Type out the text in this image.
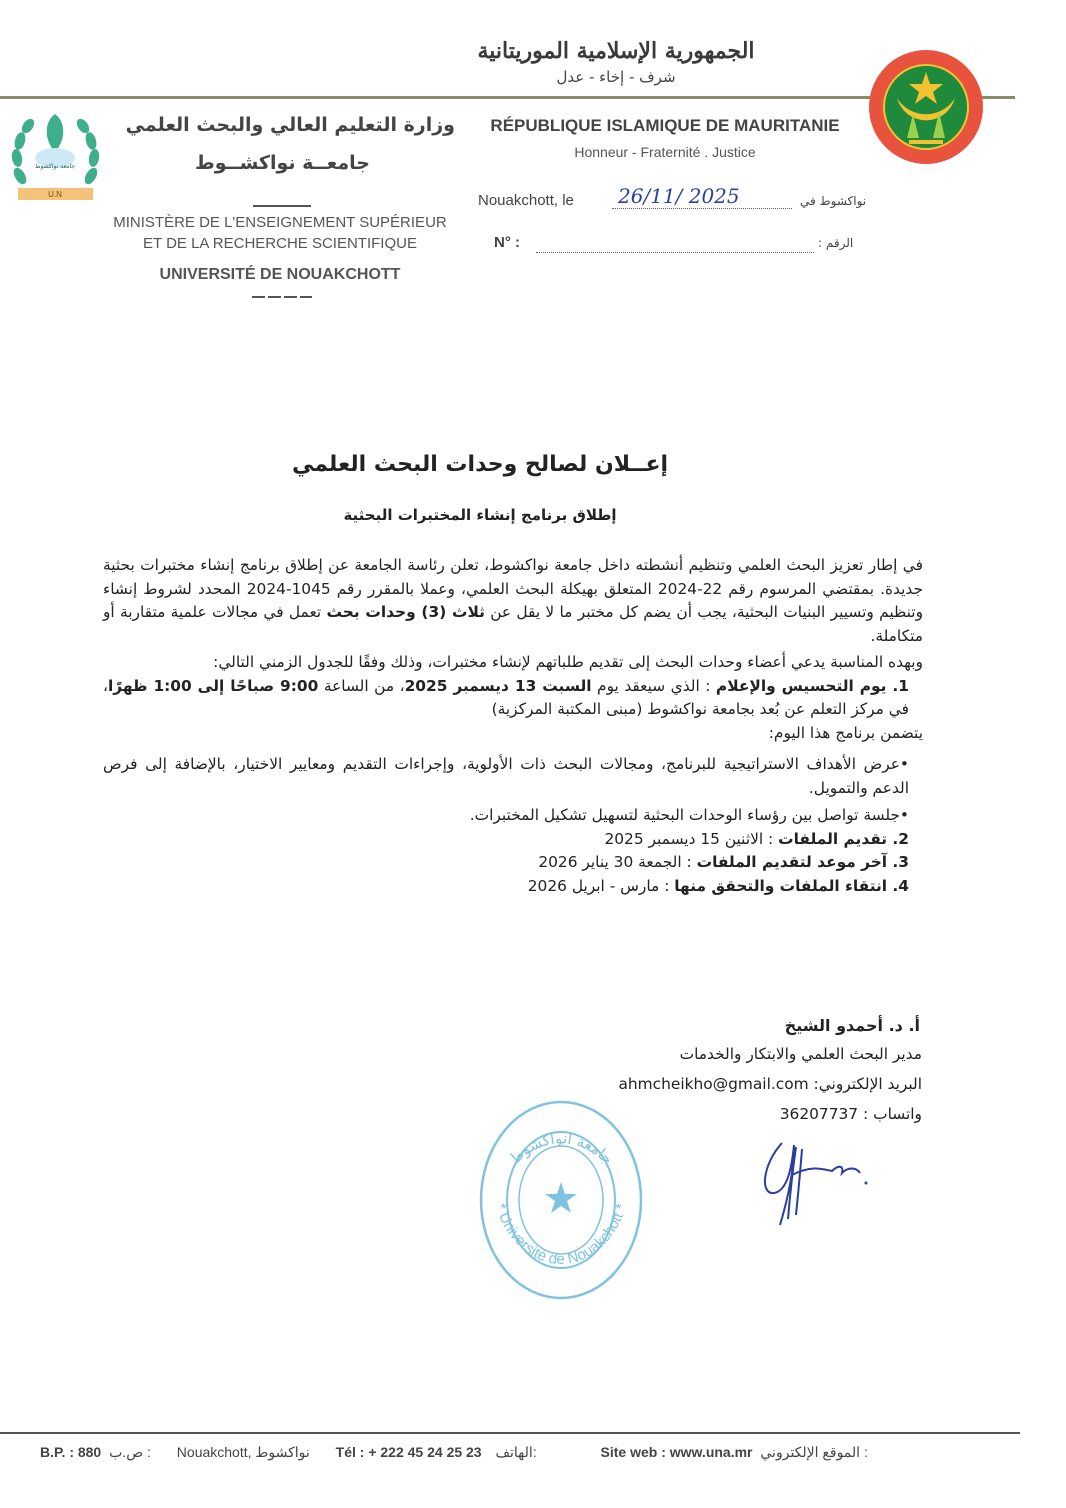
الجمهورية الإسلامية الموريتانية
شرف - إخاء - عدل
جامعة نواكشوط
U.N
وزارة التعليم العالي والبحث العلمي
جامعــة نواكشــوط
MINISTÈRE DE L'ENSEIGNEMENT SUPÉRIEUR
ET DE LA RECHERCHE SCIENTIFIQUE
UNIVERSITÉ DE NOUAKCHOTT
RÉPUBLIQUE ISLAMIQUE DE MAURITANIE
Honneur - Fraternité . Justice
Nouakchott, le 26/11/ 2025	نواكشوط في
N° :	الرقم :
إعــلان لصالح وحدات البحث العلمي
إطلاق برنامج إنشاء المختبرات البحثية

في إطار تعزيز البحث العلمي وتنظيم أنشطته داخل جامعة نواكشوط، تعلن رئاسة الجامعة عن إطلاق برنامج إنشاء مختبرات بحثية جديدة. بمقتضي المرسوم رقم 22-2024 المتعلق بهيكلة البحث العلمي، وعملا بالمقرر رقم 1045-2024 المحدد لشروط إنشاء وتنظيم وتسيير البنيات البحثية، يجب أن يضم كل مختبر ما لا يقل عن ثلاث (3) وحدات بحث تعمل في مجالات علمية متقاربة أو متكاملة.

وبهده المناسبة يدعي أعضاء وحدات البحث إلى تقديم طلباتهم لإنشاء مختبرات، وذلك وفقًا للجدول الزمني التالي:

1. يوم التحسيس والإعلام : الذي سيعقد يوم السبت 13 ديسمبر 2025، من الساعة 9:00 صباحًا إلى 1:00 ظهرًا، في مركز التعلم عن بُعد بجامعة نواكشوط (مبنى المكتبة المركزية)

يتضمن برنامج هذا اليوم:

•عرض الأهداف الاستراتيجية للبرنامج، ومجالات البحث ذات الأولوية، وإجراءات التقديم ومعايير الاختيار، بالإضافة إلى فرص الدعم والتمويل.

•جلسة تواصل بين رؤساء الوحدات البحثية لتسهيل تشكيل المختبرات.

2. تقديم الملفات : الاثنين 15 ديسمبر 2025

3. آخر موعد لتقديم الملفات : الجمعة 30 يناير 2026

4. انتقاء الملفات والتحقق منها : مارس - ابريل 2026

أ. د. أحمدو الشيخ
مدير البحث العلمي والابتكار والخدمات
البريد الإلكتروني: ahmcheikho@gmail.com
واتساب : 36207737
جامعة انواكشوط
* Université de Nouakchott *
B.P. : 880 ص.ب : Nouakchott, نواكشوط Tél : + 222 45 24 25 23 الهاتف:	Site web : www.una.mr الموقع الإلكتروني :
